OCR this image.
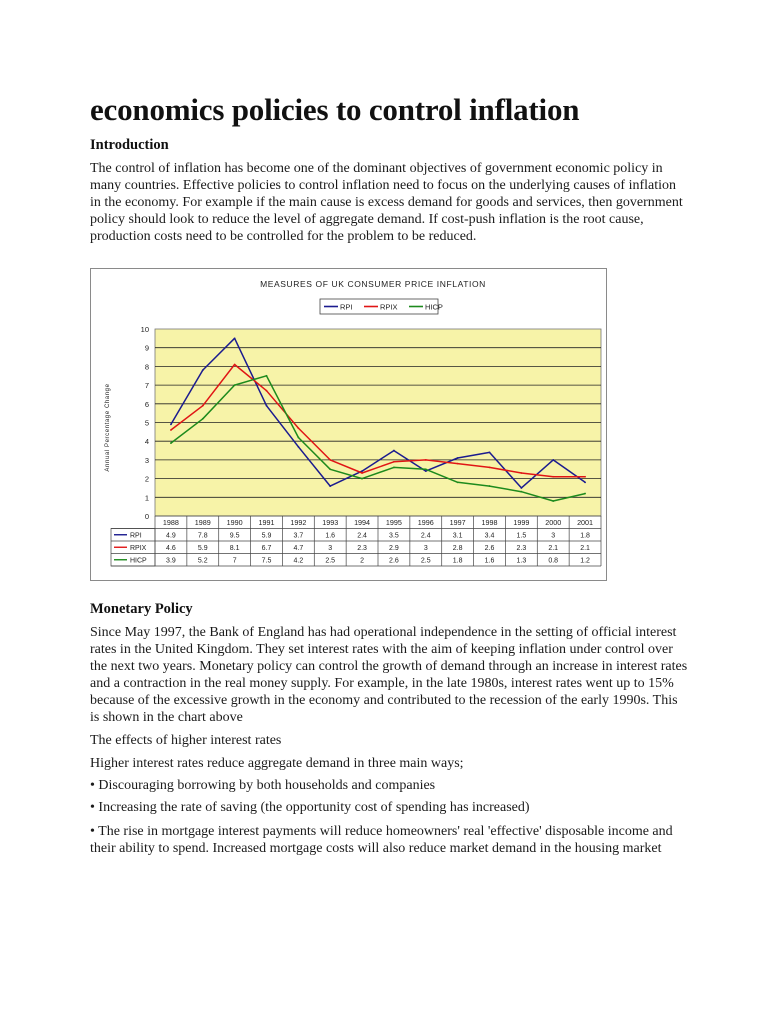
economics policies to control inflation
Introduction

The control of inflation has become one of the dominant objectives of government economic policy in many countries. Effective policies to control inflation need to focus on the underlying causes of inflation in the economy. For example if the main cause is excess demand for goods and services, then government policy should look to reduce the level of aggregate demand. If cost-push inflation is the root cause, production costs need to be controlled for the problem to be reduced.

MEASURES OF UK CONSUMER PRICE INFLATION
RPI	RPIX	HICP
0
1
2
3
4
5
6
7
8
9
10
Annual Percentage Change
1988 1989 1990 1991 1992 1993 1994 1995 1996 1997 1998 1999 2000 2001
RPI	4.9	7.8	9.5	5.9	3.7	1.6	2.4	3.5	2.4	3.1	3.4	1.5	3	1.8
RPIX	4.6	5.9	8.1	6.7	4.7	3	2.3	2.9	3	2.8	2.6	2.3	2.1	2.1
HICP	3.9	5.2	7	7.5	4.2	2.5	2	2.6	2.5	1.8	1.6	1.3	0.8	1.2
Monetary Policy

Since May 1997, the Bank of England has had operational independence in the setting of official interest rates in the United Kingdom. They set interest rates with the aim of keeping inflation under control over the next two years. Monetary policy can control the growth of demand through an increase in interest rates and a contraction in the real money supply. For example, in the late 1980s, interest rates went up to 15% because of the excessive growth in the economy and contributed to the recession of the early 1990s. This is shown in the chart above

The effects of higher interest rates

Higher interest rates reduce aggregate demand in three main ways;

• Discouraging borrowing by both households and companies

• Increasing the rate of saving (the opportunity cost of spending has increased)

• The rise in mortgage interest payments will reduce homeowners' real 'effective' disposable income and their ability to spend. Increased mortgage costs will also reduce market demand in the housing market
